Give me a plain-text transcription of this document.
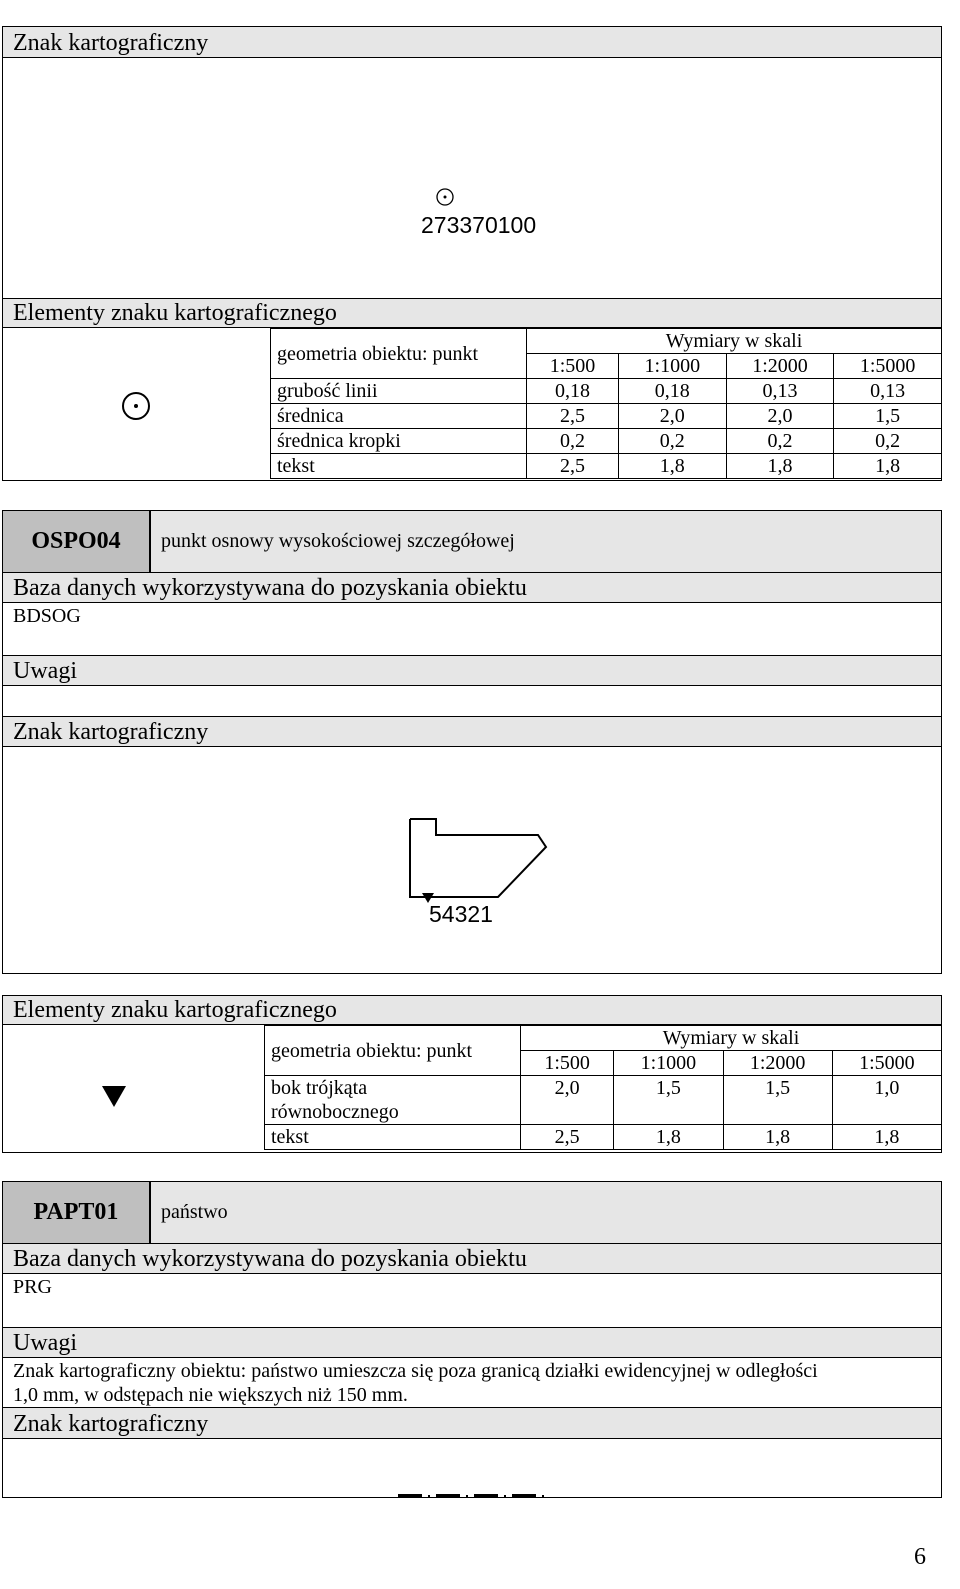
Znak kartograficzny
273370100
Elementy znaku kartograficznego
geometria obiektu: punkt	Wymiary w skali			
	1:500	1:1000	1:2000	1:5000
grubość linii	0,18	0,18	0,13	0,13
średnica	2,5	2,0	2,0	1,5
średnica kropki	0,2	0,2	0,2	0,2
tekst	2,5	1,8	1,8	1,8
OSPO04	punkt osnowy wysokościowej szczegółowej
Baza danych wykorzystywana do pozyskania obiektu
BDSOG
Uwagi
Znak kartograficzny
54321
Elementy znaku kartograficznego
geometria obiektu: punkt	Wymiary w skali			
	1:500	1:1000	1:2000	1:5000

bok trójkąta
równobocznego	2,0	1,5	1,5	1,0
tekst	2,5	1,8	1,8	1,8
PAPT01	państwo
Baza danych wykorzystywana do pozyskania obiektu
PRG
Uwagi
Znak kartograficzny obiektu: państwo umieszcza się poza granicą działki ewidencyjnej w odległości
1,0 mm, w odstępach nie większych niż 150 mm.
Znak kartograficzny
6
